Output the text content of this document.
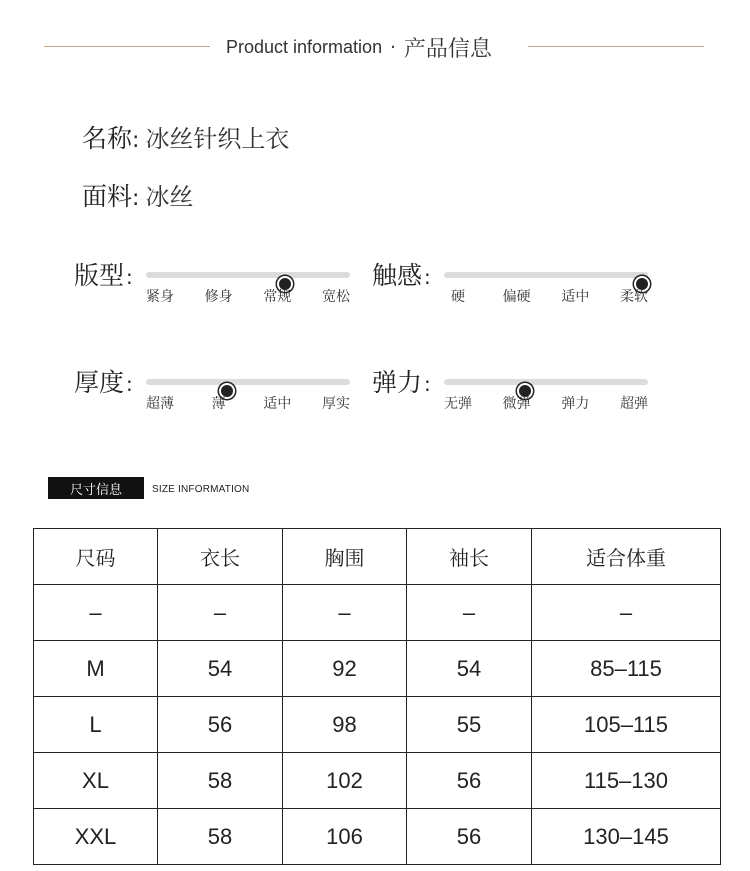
Product information · 产品信息
名称: 冰丝针织上衣
面料: 冰丝
版型 :
紧身 修身 常规 宽松
触感 :
硬	偏硬 适中 柔软
厚度 :
超薄	薄	适中 厚实
弹力 :
无弹 微弹 弹力 超弹
尺寸信息	SIZE INFORMATION
尺码	衣长	胸围	袖长	适合体重
–	–	–	–	–
M	54	92	54	85–115
L	56	98	55	105–115
XL	58	102	56	115–130
XXL	58	106	56	130–145
